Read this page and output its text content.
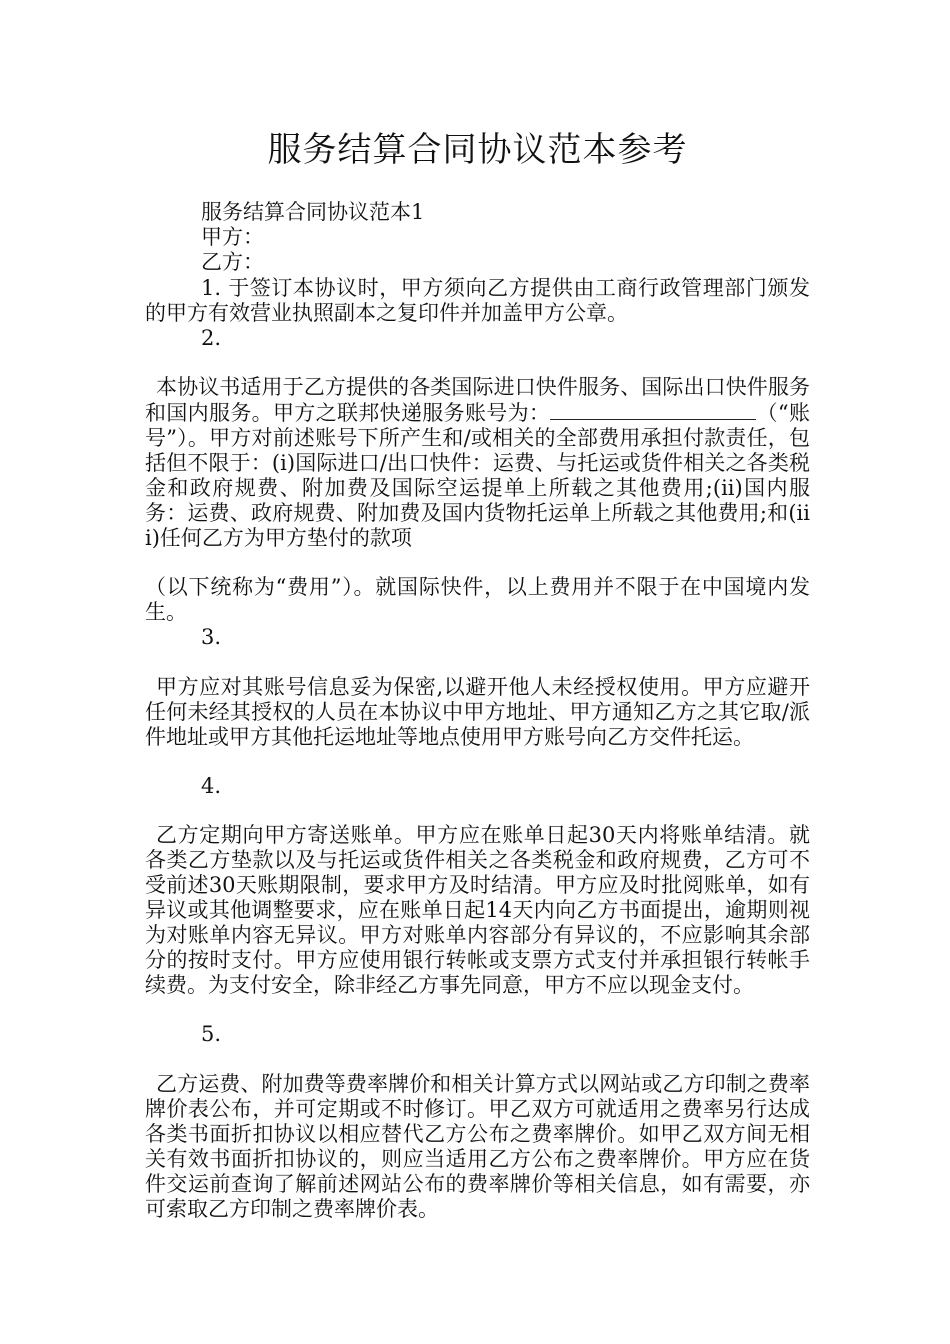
服务结算合同协议范本参考
服务结算合同协议范本1
甲方：
乙方：
1. 于签订本协议时，甲方须向乙方提供由工商行政管理部门颁发的甲方有效营业执照副本之复印件并加盖甲方公章。
2.
本协议书适用于乙方提供的各类国际进口快件服务、国际出口快件服务和国内服务。甲方之联邦快递服务账号为：	（“账号”）。甲方对前述账号下所产生和/或相关的全部费用承担付款责任，包括但不限于：(i)国际进口/出口快件：运费、与托运或货件相关之各类税金和政府规费、附加费及国际空运提单上所载之其他费用;(ii)国内服务：运费、政府规费、附加费及国内货物托运单上所载之其他费用;和(iii)任何乙方为甲方垫付的款项
（以下统称为“费用”）。就国际快件，以上费用并不限于在中国境内发生。
3.
甲方应对其账号信息妥为保密,以避开他人未经授权使用。甲方应避开任何未经其授权的人员在本协议中甲方地址、甲方通知乙方之其它取/派件地址或甲方其他托运地址等地点使用甲方账号向乙方交件托运。
4.
乙方定期向甲方寄送账单。甲方应在账单日起30天内将账单结清。就各类乙方垫款以及与托运或货件相关之各类税金和政府规费，乙方可不受前述30天账期限制，要求甲方及时结清。甲方应及时批阅账单，如有异议或其他调整要求，应在账单日起14天内向乙方书面提出，逾期则视为对账单内容无异议。甲方对账单内容部分有异议的，不应影响其余部分的按时支付。甲方应使用银行转帐或支票方式支付并承担银行转帐手续费。为支付安全，除非经乙方事先同意，甲方不应以现金支付。
5.
乙方运费、附加费等费率牌价和相关计算方式以网站或乙方印制之费率牌价表公布，并可定期或不时修订。甲乙双方可就适用之费率另行达成各类书面折扣协议以相应替代乙方公布之费率牌价。如甲乙双方间无相关有效书面折扣协议的，则应当适用乙方公布之费率牌价。甲方应在货件交运前查询了解前述网站公布的费率牌价等相关信息，如有需要，亦可索取乙方印制之费率牌价表。
